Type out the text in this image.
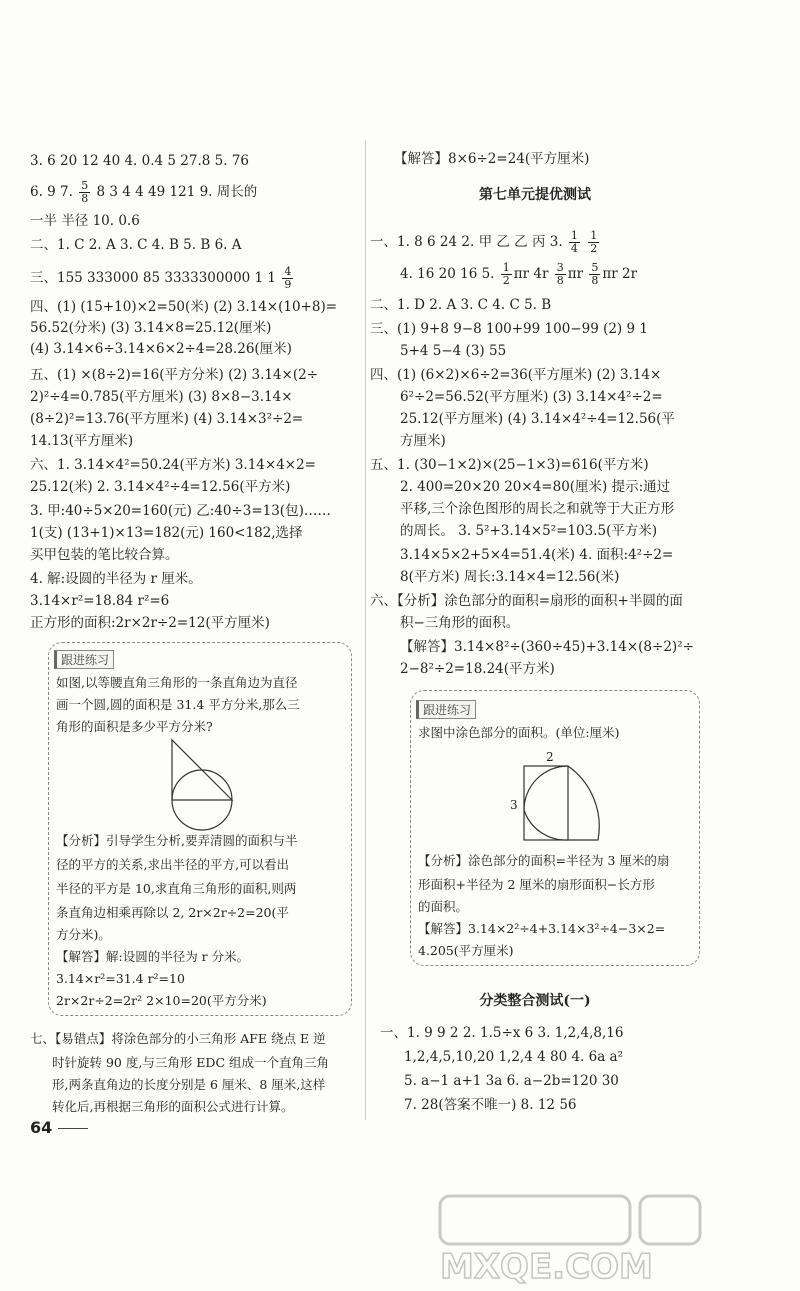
3. 6 20 12 40 4. 0.4 5 27.8 5. 76
6. 9 7. $\frac{5}{8} 8$ 3 4 4 49 121 9. 周长的
一半 半径 10. 0.6
二、1. C 2. A 3. C 4. B 5. B 6. A
三、155 333000 85 3333300000 1 $1 \frac{4}{9}$
四、(1) (15+10)×2=50(米) (2) 3.14×(10+8)=
56.52(分米) (3) 3.14×8=25.12(厘米)
(4) 3.14×6÷3.14×6×2÷4=28.26(厘米)
五、(1) ×(8÷2)=16(平方分米) (2) 3.14×(2÷
2)²÷4=0.785(平方厘米) (3) 8×8−3.14×
(8÷2)²=13.76(平方厘米) (4) 3.14×3²÷2=
14.13(平方厘米)
六、1. 3.14×4²=50.24(平方米) 3.14×4×2=
25.12(米) 2. 3.14×4²÷4=12.56(平方米)
3. 甲:40÷5×20=160(元) 乙:40÷3=13(包)……
1(支) (13+1)×13=182(元) 160<182,选择
买甲包装的笔比较合算。
4. 解:设圆的半径为 r 厘米。
3.14×r²=18.84 r²=6
正方形的面积:2r×2r÷2=12(平方厘米)
跟进练习
如图,以等腰直角三角形的一条直角边为直径
画一个圆,圆的面积是 31.4 平方分米,那么三
角形的面积是多少平方分米?
【分析】引导学生分析,要弄清圆的面积与半
径的平方的关系,求出半径的平方,可以看出
半径的平方是 10,求直角三角形的面积,则两
条直角边相乘再除以 2, 2r×2r÷2=20(平
方分米)。
【解答】解:设圆的半径为 r 分米。
3.14×r²=31.4 r²=10
2r×2r÷2=2r² 2×10=20(平方分米)
七、【易错点】将涂色部分的小三角形 AFE 绕点 E 逆
时针旋转 90 度,与三角形 EDC 组成一个直角三角
形,两条直角边的长度分别是 6 厘米、8 厘米,这样
转化后,再根据三角形的面积公式进行计算。
【解答】8×6÷2=24(平方厘米)
第七单元提优测试
一、1. 8 6 24 2. 甲 乙 乙 丙 3. $\frac{1}{4}$
$\frac{1}{2}$
4. 16 20 16 5. $\frac{1}{2}$ πr $4r \frac{3}{8}$ πr $\frac{5}{8}$ πr 2r
二、1. D 2. A 3. C 4. C 5. B
三、(1) 9+8 9−8 100+99 100−99 (2) 9 1
5+4 5−4 (3) 55
四、(1) (6×2)×6÷2=36(平方厘米) (2) 3.14×
6²÷2=56.52(平方厘米) (3) 3.14×4²÷2=
25.12(平方厘米) (4) 3.14×4²÷4=12.56(平
方厘米)
五、1. (30−1×2)×(25−1×3)=616(平方米)
2. 400=20×20 20×4=80(厘米) 提示:通过
平移,三个涂色图形的周长之和就等于大正方形
的周长。 3. 5²+3.14×5²=103.5(平方米)
3.14×5×2+5×4=51.4(米) 4. 面积:4²÷2=
8(平方米) 周长:3.14×4=12.56(米)
六、【分析】涂色部分的面积=扇形的面积+半圆的面
积−三角形的面积。
【解答】3.14×8²÷(360÷45)+3.14×(8÷2)²÷
2−8²÷2=18.24(平方米)
跟进练习
求图中涂色部分的面积。(单位:厘米)
2
3
【分析】涂色部分的面积=半径为 3 厘米的扇
形面积+半径为 2 厘米的扇形面积−长方形
的面积。
【解答】3.14×2²÷4+3.14×3²÷4−3×2=
4.205(平方厘米)
分类整合测试(一)
一、1. 9 9 2 2. 1.5÷x 6 3. 1,2,4,8,16
1,2,4,5,10,20 1,2,4 4 80 4. 6a a²
5. a−1 a+1 3a 6. a−2b=120 30
7. 28(答案不唯一) 8. 12 56
64
MXQE.COM
